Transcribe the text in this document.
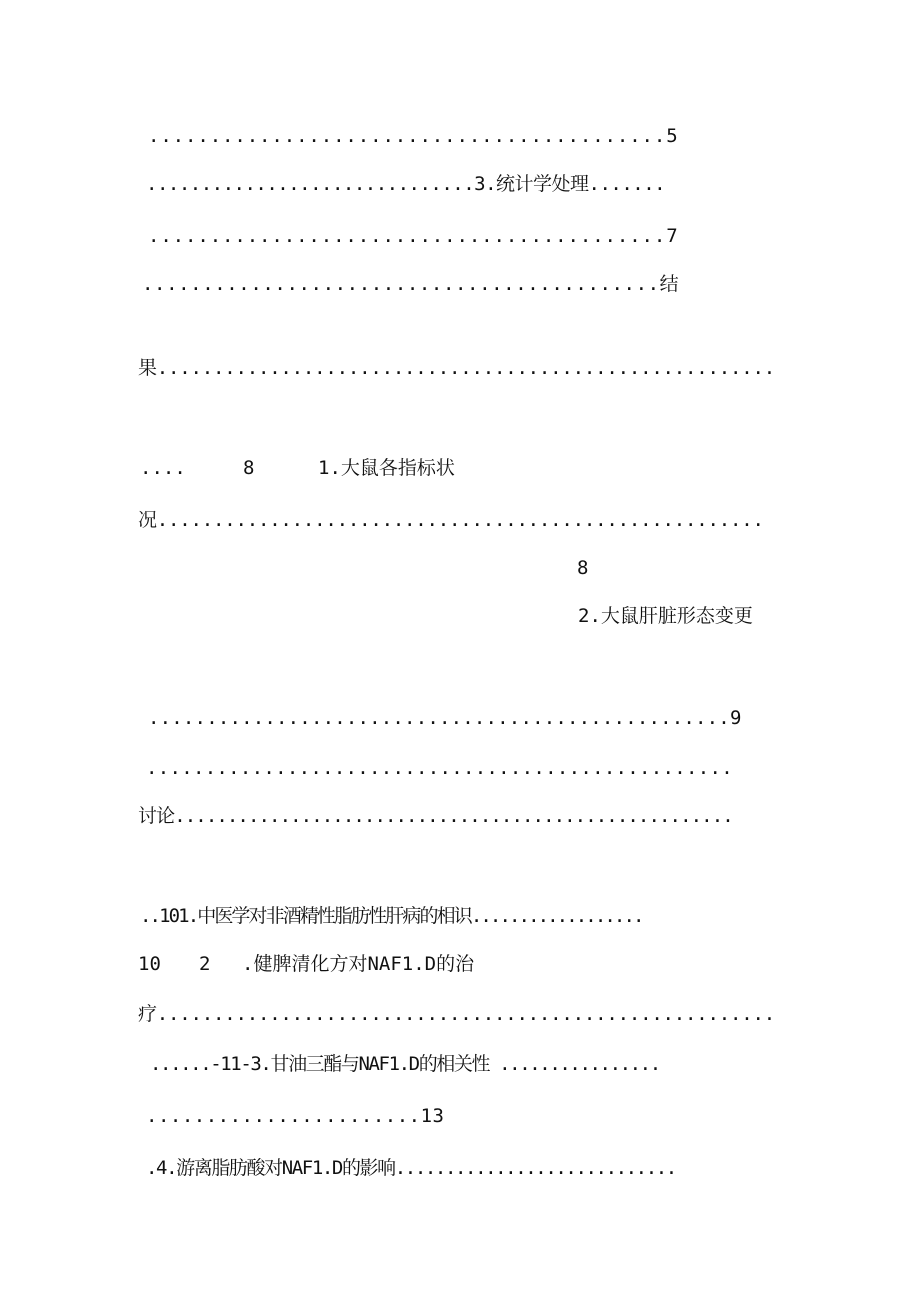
..........................................5
..............................3.统计学处理.......
..........................................7
...........................................结
果.......................................................
....	8	1.大鼠各指标状
况......................................................
8
2.大鼠肝脏形态变更
..................................................9
..................................................
讨论.....................................................
..101.中医学对非酒精性脂肪性肝病的相识..................
10 2 .健脾清化方对NAF1.D的治
疗.......................................................
......-11-3.甘油三酯与NAF1.D的相关性 ................
.......................13
.4.游离脂肪酸对NAF1.D的影响............................
